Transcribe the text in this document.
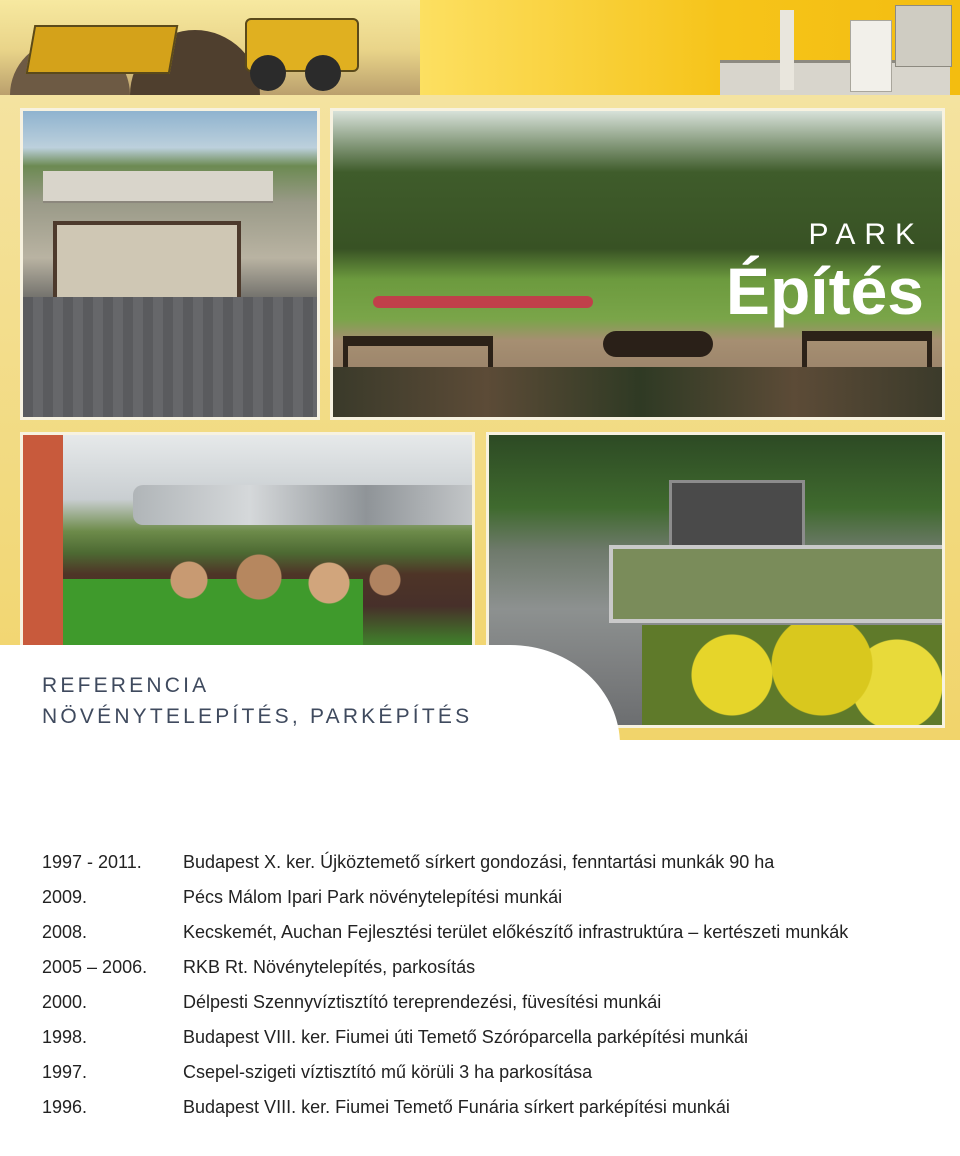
PARK
Építés
REFERENCIA
NÖVÉNYTELEPÍTÉS, PARKÉPÍTÉS
1997 - 2011.	Budapest X. ker. Újköztemető sírkert gondozási, fenntartási munkák 90 ha
2009.	Pécs Málom Ipari Park növénytelepítési munkái
2008.	Kecskemét, Auchan Fejlesztési terület előkészítő infrastruktúra – kertészeti munkák
2005 – 2006.	RKB Rt. Növénytelepítés, parkosítás
2000.	Délpesti Szennyvíztisztító tereprendezési, füvesítési munkái
1998.	Budapest VIII. ker. Fiumei úti Temető Szóróparcella parképítési munkái
1997.	Csepel-szigeti víztisztító mű körüli 3 ha parkosítása
1996.	Budapest VIII. ker. Fiumei Temető Funária sírkert parképítési munkái
